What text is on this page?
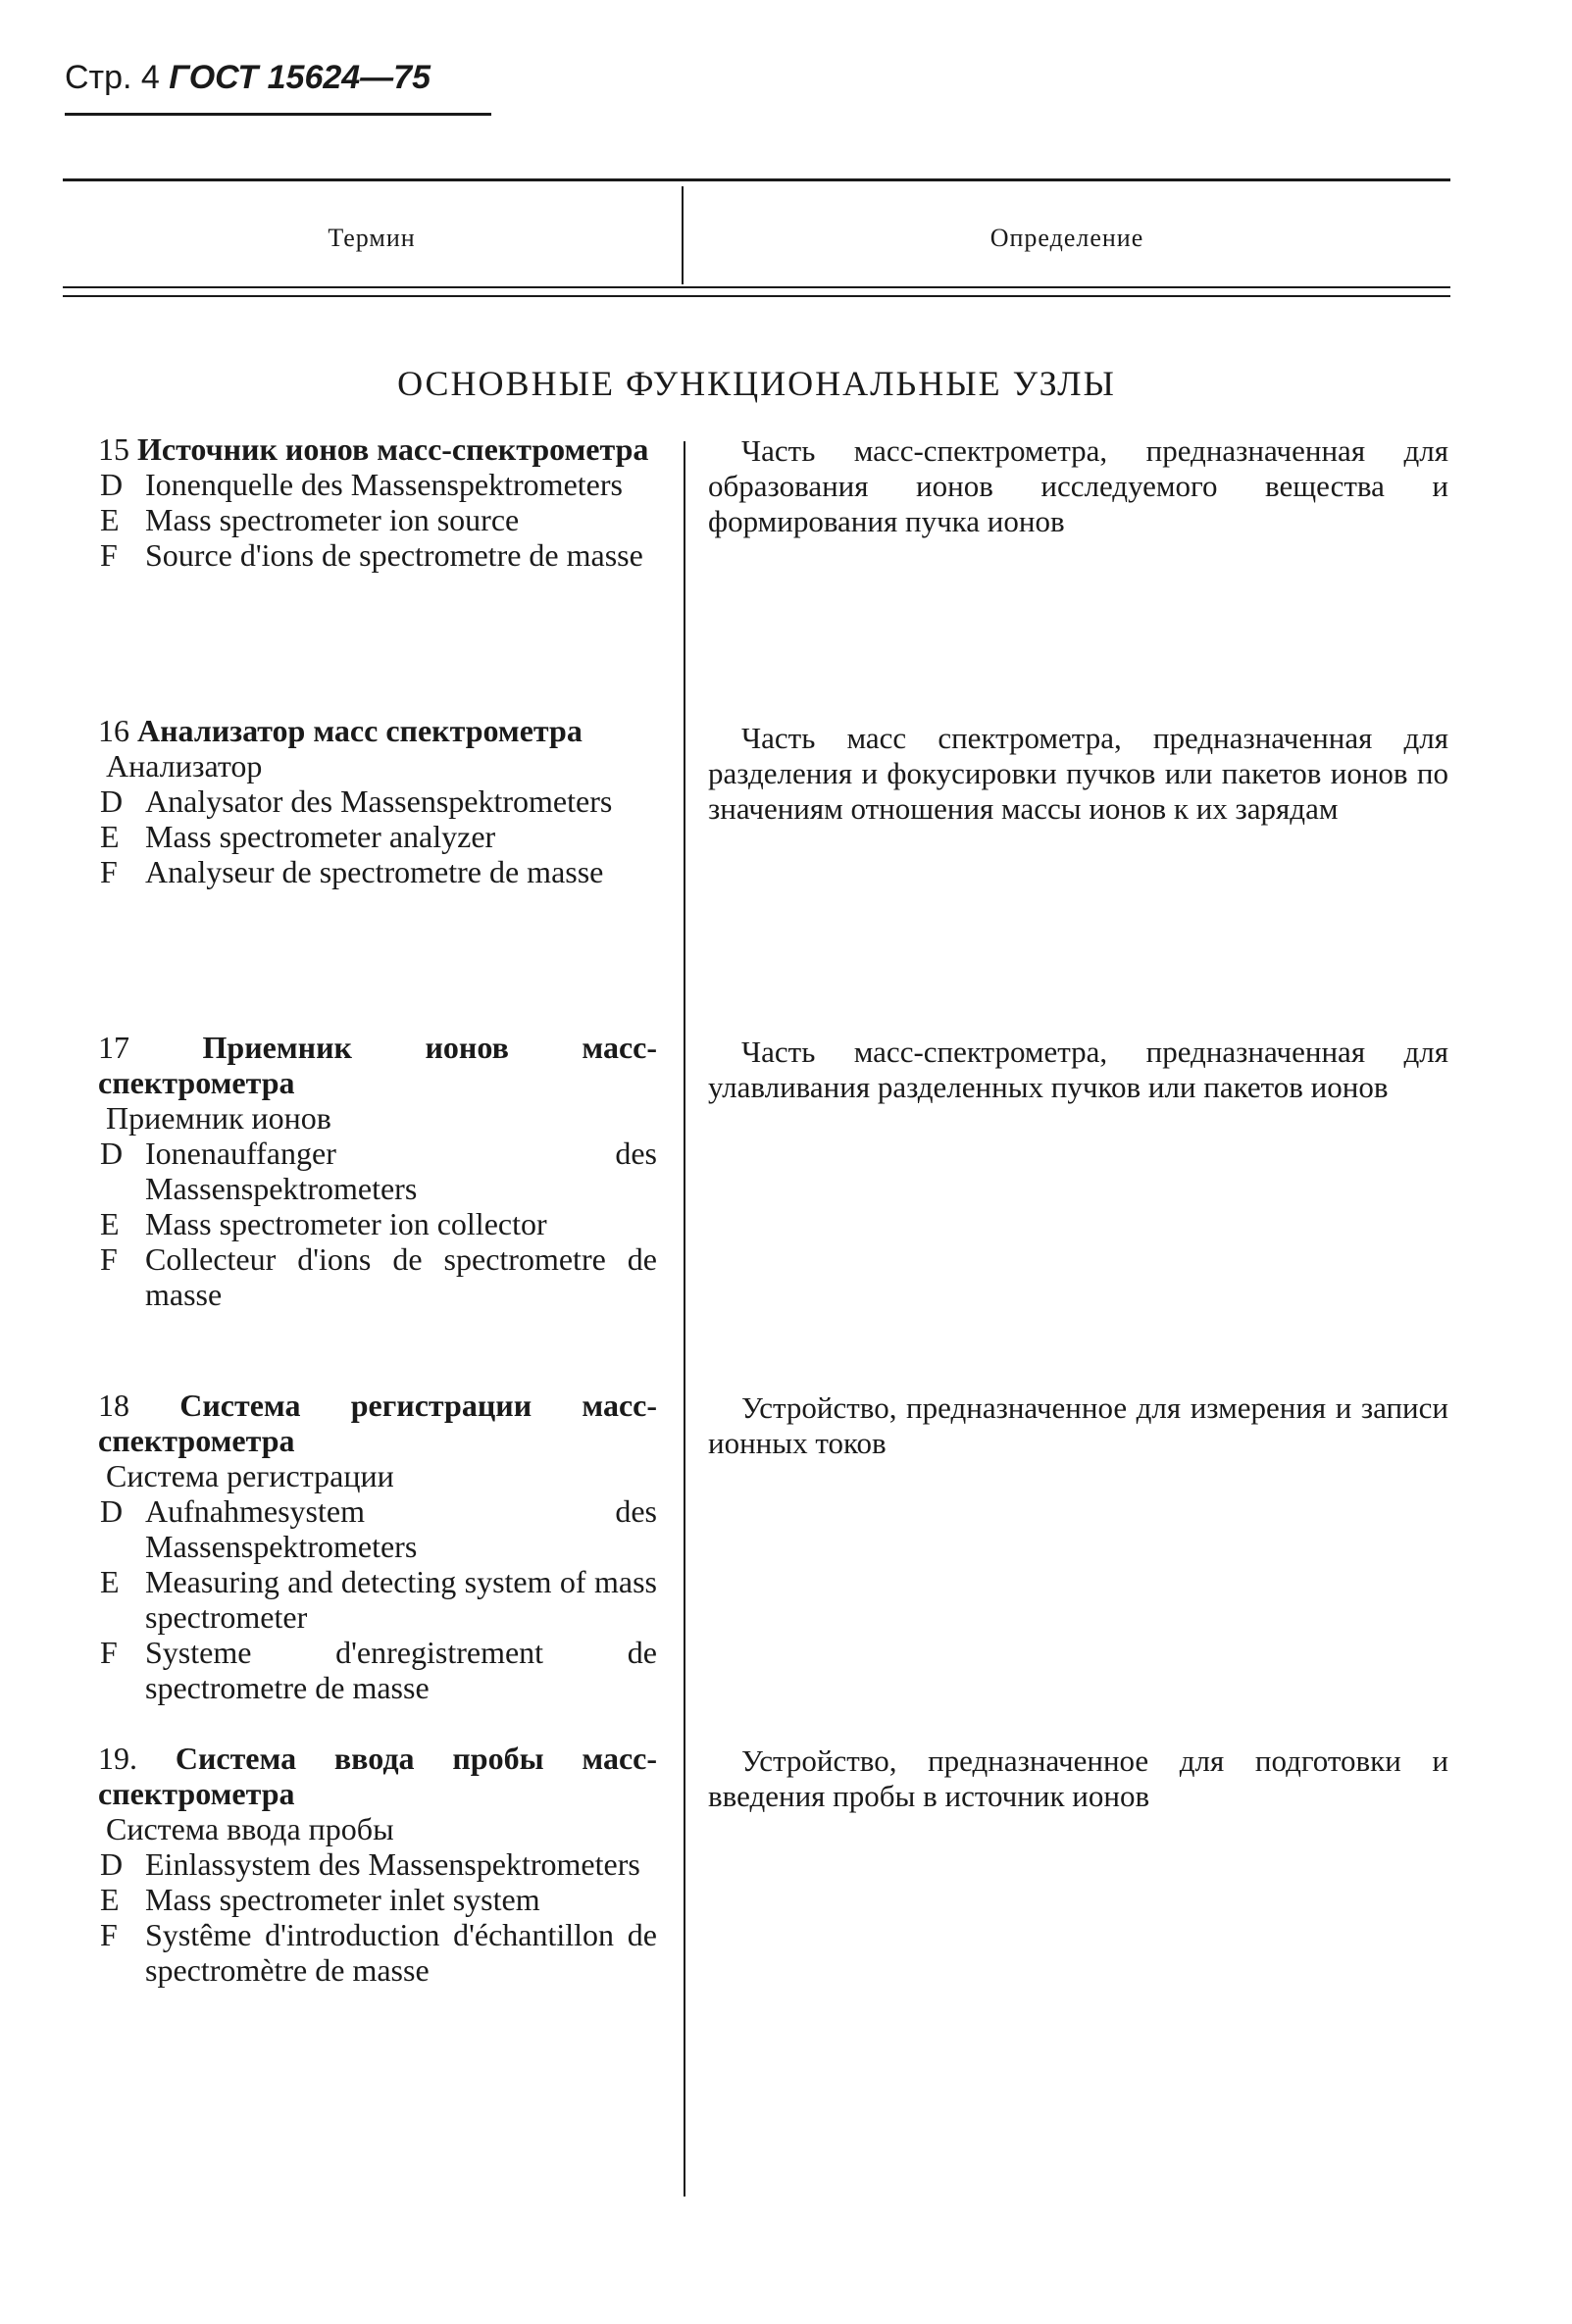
Стр. 4 ГОСТ 15624—75
Термин	Определение
ОСНОВНЫЕ ФУНКЦИОНАЛЬНЫЕ УЗЛЫ
15 Источник ионов масс-спектрометра
D Ionenquelle des Massenspektrometers
E Mass spectrometer ion source
F Source d'ions de spectrometre de masse
Часть масс-спектрометра, предназначенная для образования ионов исследуемого вещества и формирования пучка ионов
16 Анализатор масс спектрометра
Анализатор
D Analysator des Massenspektrometers
E Mass spectrometer analyzer
F Analyseur de spectrometre de masse
Часть масс спектрометра, предназначенная для разделения и фокусировки пучков или пакетов ионов по значениям отношения массы ионов к их зарядам
17 Приемник ионов масс-спектрометра
Приемник ионов
D Ionenauffanger des Massenspektrometers
E Mass spectrometer ion collector
F Collecteur d'ions de spectrometre de masse
Часть масс-спектрометра, предназначенная для улавливания разделенных пучков или пакетов ионов
18 Система регистрации масс-спектрометра
Система регистрации
D Aufnahmesystem des Massenspektrometers
E Measuring and detecting system of mass spectrometer
F Systeme d'enregistrement de spectrometre de masse
Устройство, предназначенное для измерения и записи ионных токов
19. Система ввода пробы масс-спектрометра
Система ввода пробы
D Einlassystem des Massenspektrometers
E Mass spectrometer inlet system
F Systême d'introduction d'échantillon de spectromètre de masse
Устройство, предназначенное для подготовки и введения пробы в источник ионов
